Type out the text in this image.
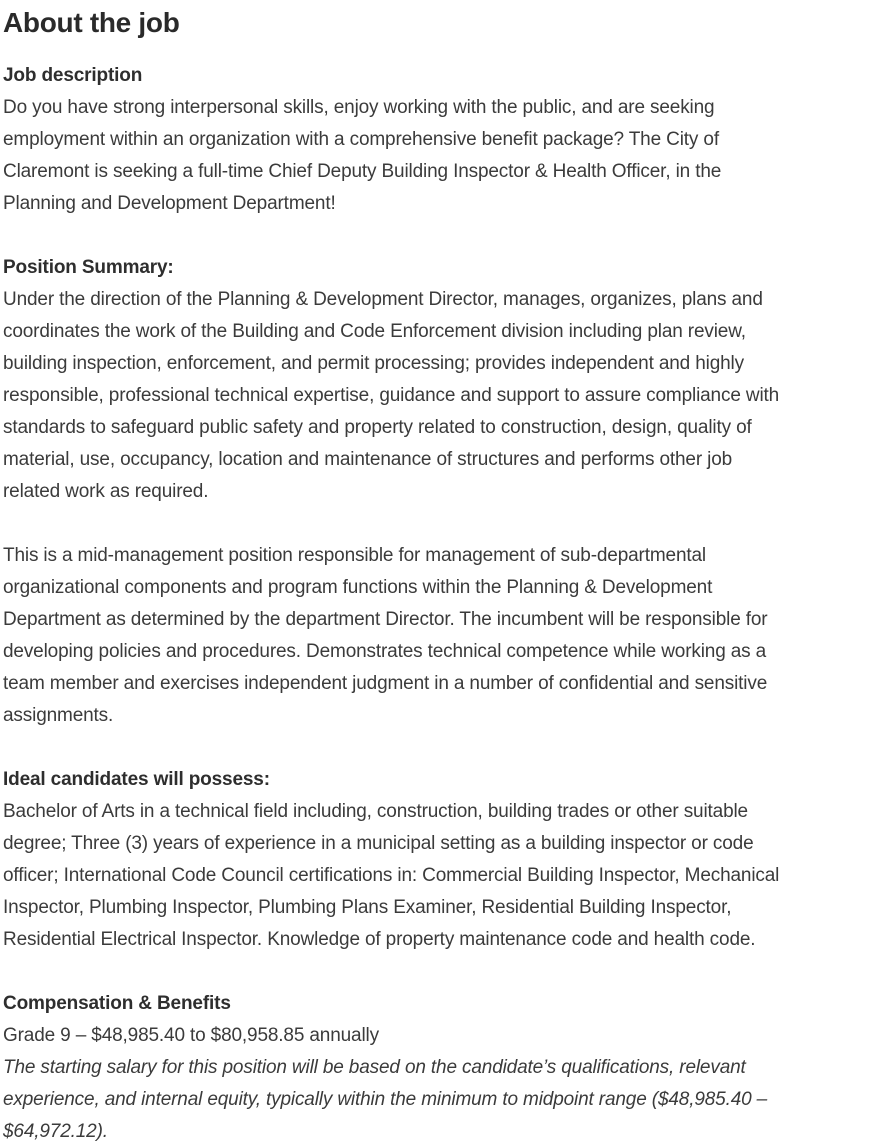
About the job
Job description
Do you have strong interpersonal skills, enjoy working with the public, and are seeking
employment within an organization with a comprehensive benefit package? The City of
Claremont is seeking a full-time Chief Deputy Building Inspector & Health Officer, in the
Planning and Development Department!
Position Summary:
Under the direction of the Planning & Development Director, manages, organizes, plans and
coordinates the work of the Building and Code Enforcement division including plan review,
building inspection, enforcement, and permit processing; provides independent and highly
responsible, professional technical expertise, guidance and support to assure compliance with
standards to safeguard public safety and property related to construction, design, quality of
material, use, occupancy, location and maintenance of structures and performs other job
related work as required.
This is a mid-management position responsible for management of sub-departmental
organizational components and program functions within the Planning & Development
Department as determined by the department Director. The incumbent will be responsible for
developing policies and procedures. Demonstrates technical competence while working as a
team member and exercises independent judgment in a number of confidential and sensitive
assignments.
Ideal candidates will possess:
Bachelor of Arts in a technical field including, construction, building trades or other suitable
degree; Three (3) years of experience in a municipal setting as a building inspector or code
officer; International Code Council certifications in: Commercial Building Inspector, Mechanical
Inspector, Plumbing Inspector, Plumbing Plans Examiner, Residential Building Inspector,
Residential Electrical Inspector. Knowledge of property maintenance code and health code.
Compensation & Benefits
Grade 9 – $48,985.40 to $80,958.85 annually
The starting salary for this position will be based on the candidate’s qualifications, relevant
experience, and internal equity, typically within the minimum to midpoint range ($48,985.40 –
$64,972.12).
